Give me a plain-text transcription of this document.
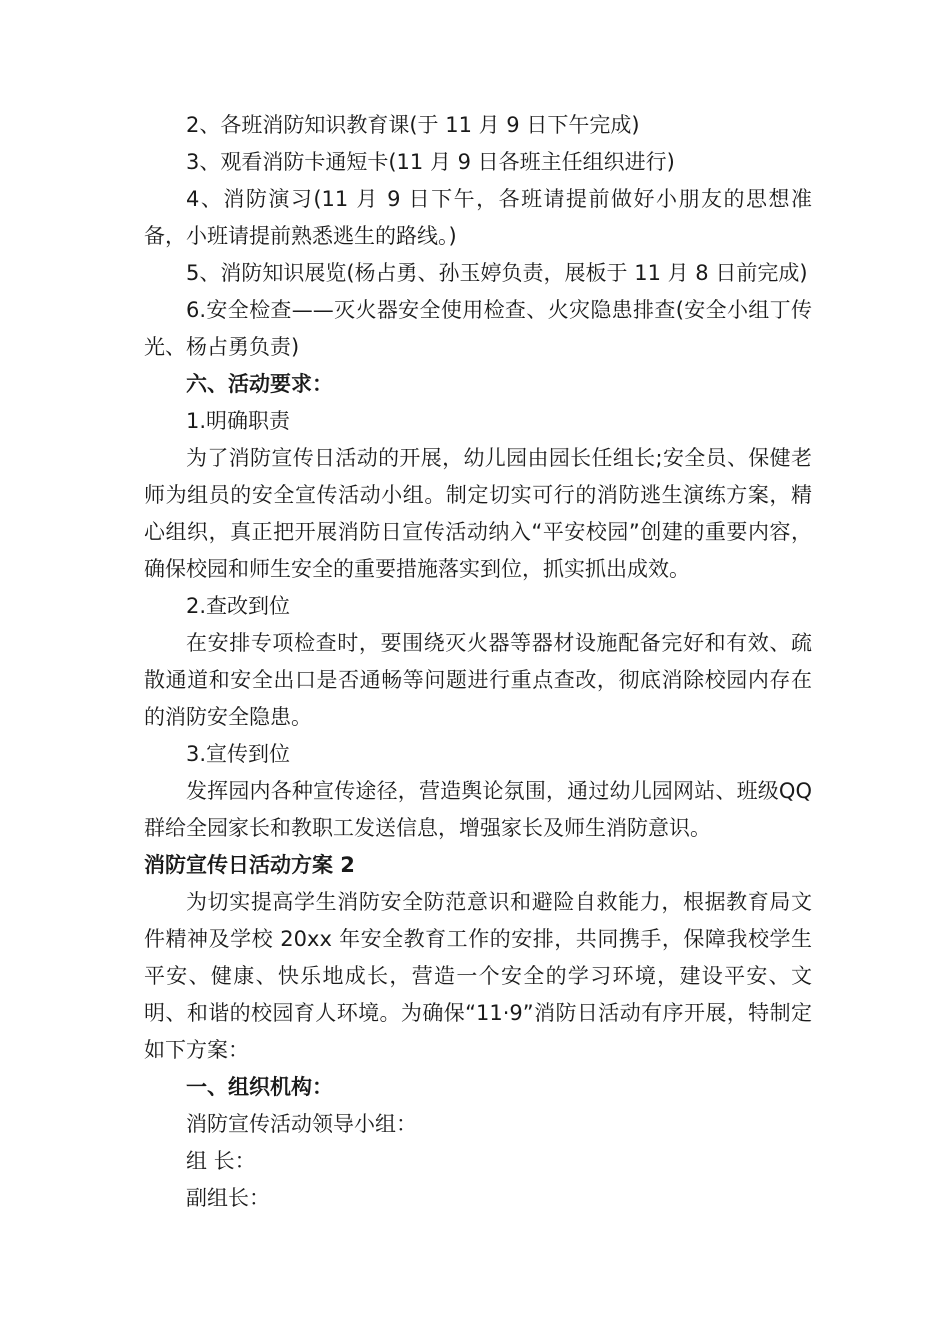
2、各班消防知识教育课(于 11 月 9 日下午完成)

3、观看消防卡通短卡(11 月 9 日各班主任组织进行)

4、消防演习(11 月 9 日下午，各班请提前做好小朋友的思想准备，小班请提前熟悉逃生的路线。)

5、消防知识展览(杨占勇、孙玉婷负责，展板于 11 月 8 日前完成)

6.安全检查——灭火器安全使用检查、火灾隐患排查(安全小组丁传光、杨占勇负责)

六、活动要求：

1.明确职责

为了消防宣传日活动的开展，幼儿园由园长任组长;安全员、保健老师为组员的安全宣传活动小组。制定切实可行的消防逃生演练方案，精心组织，真正把开展消防日宣传活动纳入“平安校园”创建的重要内容，确保校园和师生安全的重要措施落实到位，抓实抓出成效。

2.查改到位

在安排专项检查时，要围绕灭火器等器材设施配备完好和有效、疏散通道和安全出口是否通畅等问题进行重点查改，彻底消除校园内存在的消防安全隐患。

3.宣传到位

发挥园内各种宣传途径，营造舆论氛围，通过幼儿园网站、班级QQ 群给全园家长和教职工发送信息，增强家长及师生消防意识。

消防宣传日活动方案 2

为切实提高学生消防安全防范意识和避险自救能力，根据教育局文件精神及学校 20xx 年安全教育工作的安排，共同携手，保障我校学生平安、健康、快乐地成长，营造一个安全的学习环境，建设平安、文明、和谐的校园育人环境。为确保“11·9”消防日活动有序开展，特制定如下方案：

一、组织机构：

消防宣传活动领导小组：

组 长：

副组长：
